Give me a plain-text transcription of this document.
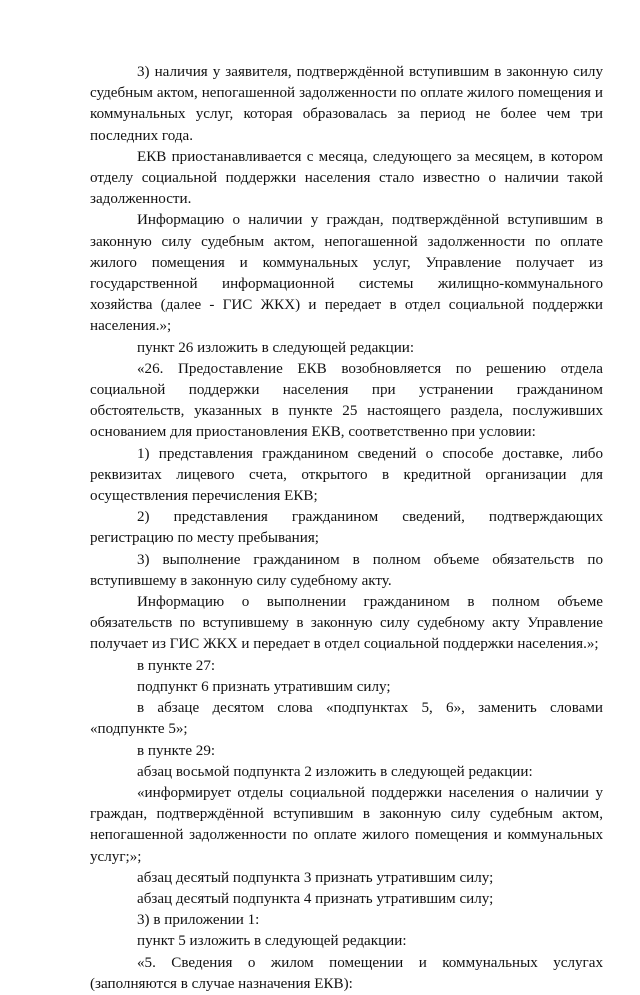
3) наличия у заявителя, подтверждённой вступившим в законную силу судебным актом, непогашенной задолженности по оплате жилого помещения и коммунальных услуг, которая образовалась за период не более чем три последних года.

ЕКВ приостанавливается с месяца, следующего за месяцем, в котором отделу социальной поддержки населения стало известно о наличии такой задолженности.

Информацию о наличии у граждан, подтверждённой вступившим в законную силу судебным актом, непогашенной задолженности по оплате жилого помещения и коммунальных услуг, Управление получает из государственной информационной системы жилищно-коммунального хозяйства (далее - ГИС ЖКХ) и передает в отдел социальной поддержки населения.»;

пункт 26 изложить в следующей редакции:

«26. Предоставление ЕКВ возобновляется по решению отдела социальной поддержки населения при устранении гражданином обстоятельств, указанных в пункте 25 настоящего раздела, послуживших основанием для приостановления ЕКВ, соответственно при условии:

1) представления гражданином сведений о способе доставке, либо реквизитах лицевого счета, открытого в кредитной организации для осуществления перечисления ЕКВ;

2) представления гражданином сведений, подтверждающих регистрацию по месту пребывания;

3) выполнение гражданином в полном объеме обязательств по вступившему в законную силу судебному акту.

Информацию о выполнении гражданином в полном объеме обязательств по вступившему в законную силу судебному акту Управление получает из ГИС ЖКХ и передает в отдел социальной поддержки населения.»;

в пункте 27:

подпункт 6 признать утратившим силу;

в абзаце десятом слова «подпунктах 5, 6», заменить словами «подпункте 5»;

в пункте 29:

абзац восьмой подпункта 2 изложить в следующей редакции:

«информирует отделы социальной поддержки населения о наличии у граждан, подтверждённой вступившим в законную силу судебным актом, непогашенной задолженности по оплате жилого помещения и коммунальных услуг;»;

абзац десятый подпункта 3 признать утратившим силу;

абзац десятый подпункта 4 признать утратившим силу;

3) в приложении 1:

пункт 5 изложить в следующей редакции:

«5. Сведения о жилом помещении и коммунальных услугах (заполняются в случае назначения ЕКВ):
